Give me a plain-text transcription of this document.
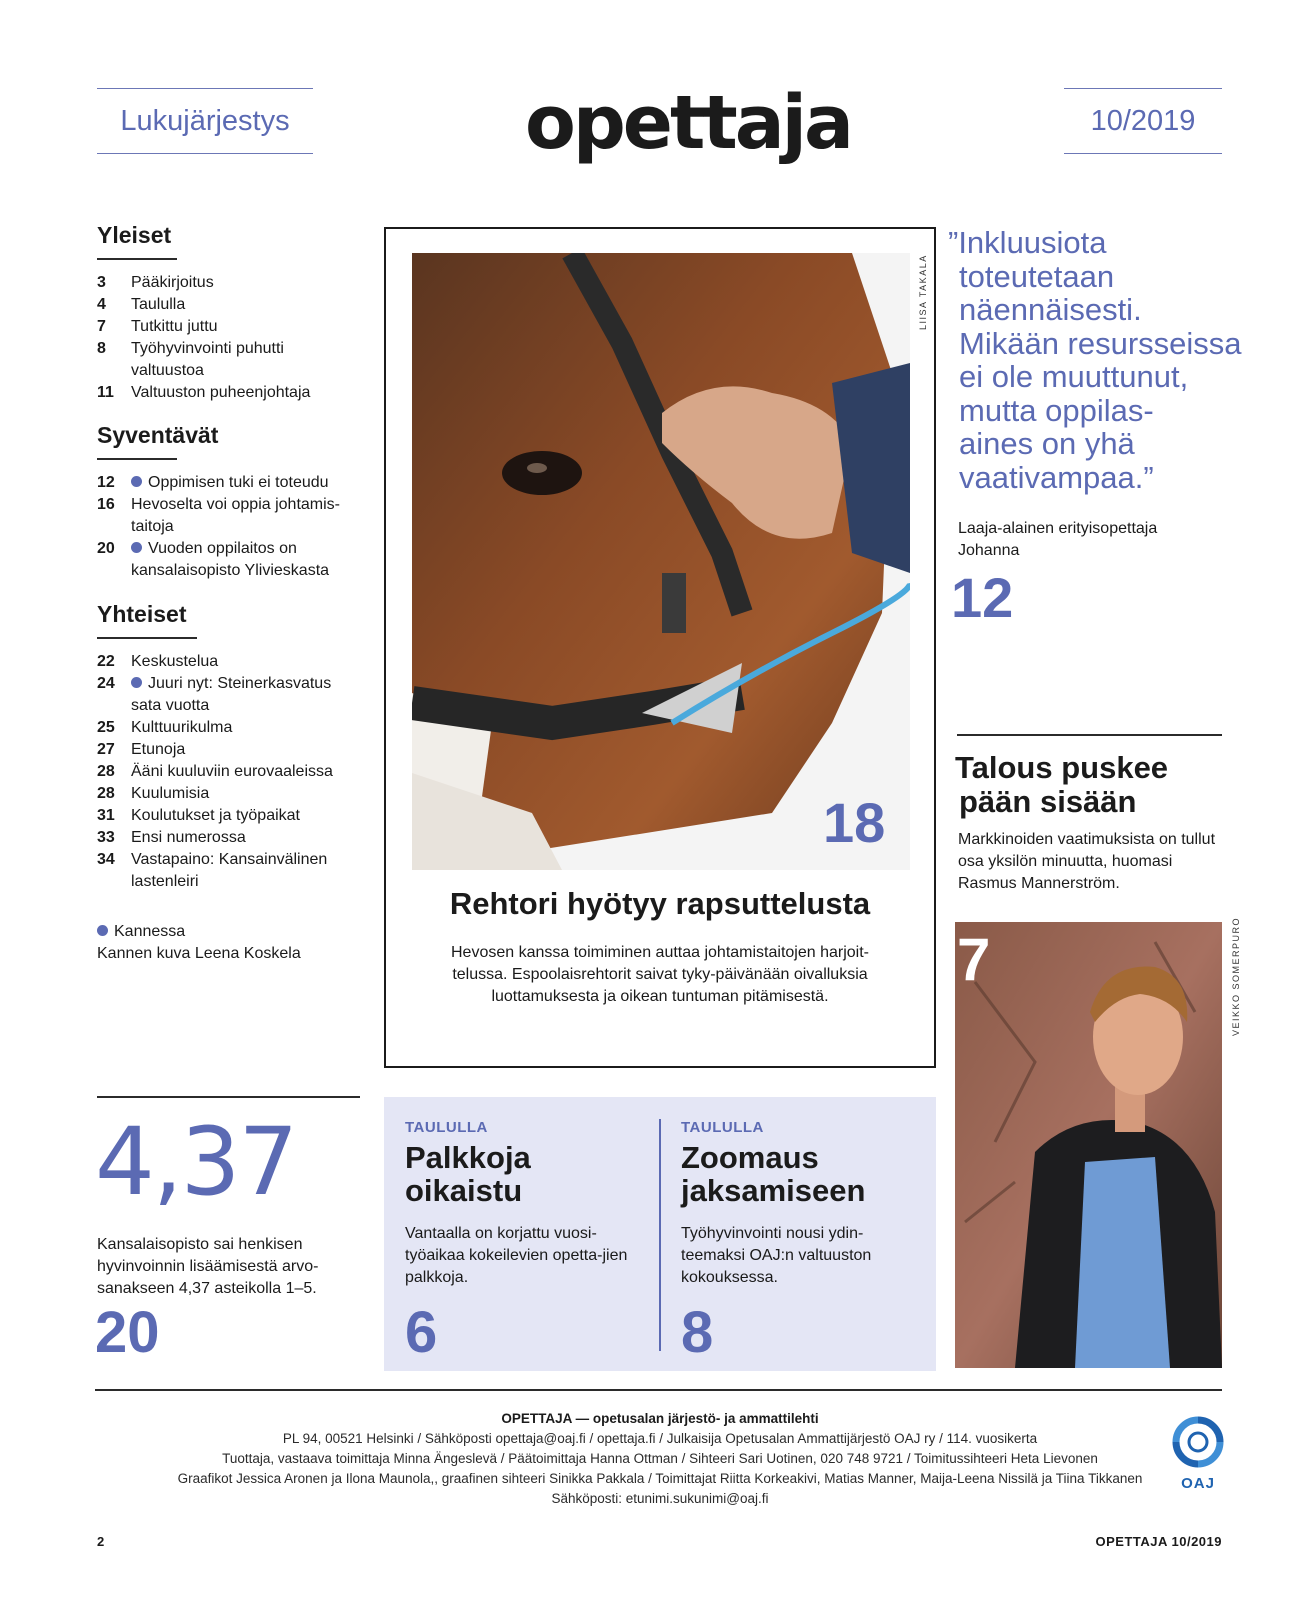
Lukujärjestys	opettaja	10/2019
Yleiset
3	Pääkirjoitus
4	Taululla
7	Tutkittu juttu
8	Työhyvinvointi puhutti valtuustoa
11	Valtuuston puheenjohtaja
Syventävät
12	Oppimisen tuki ei toteudu
16	Hevoselta voi oppia johtamis-taitoja
20	Vuoden oppilaitos on kansalaisopisto Ylivieskasta
Yhteiset
22	Keskustelua
24	Juuri nyt: Steinerkasvatus sata vuotta
25	Kulttuurikulma
27	Etunoja
28	Ääni kuuluviin eurovaaleissa
28	Kuulumisia
31	Koulutukset ja työpaikat
33	Ensi numerossa
34	Vastapaino: Kansainvälinen lastenleiri
Kannessa
Kannen kuva Leena Koskela
LIISA TAKALA
18
Rehtori hyötyy rapsuttelusta
Hevosen kanssa toimiminen auttaa johtamistaitojen harjoit-telussa. Espoolaisrehtorit saivat tyky-päivänään oivalluksia luottamuksesta ja oikean tuntuman pitämisestä.

”Inkluusiota

toteutetaan

näennäisesti.

Mikään resursseissa

ei ole muuttunut,

mutta oppilas-

aines on yhä

vaativampaa.”

Laaja-alainen erityisopettaja Johanna
12
Talous puskee
pään sisään
Markkinoiden vaatimuksista on tullut osa yksilön minuutta, huomasi Rasmus Mannerström.
7	VEIKKO SOMERPURO
4,37
Kansalaisopisto sai henkisen hyvinvoinnin lisäämisestä arvo-sanakseen 4,37 asteikolla 1–5.
20
TAULULLA
Palkkoja
oikaistu
Vantaalla on korjattu vuosi-työaikaa kokeilevien opetta-jien palkkoja.
6
TAULULLA
Zoomaus
jaksamiseen
Työhyvinvointi nousi ydin-teemaksi OAJ:n valtuuston kokouksessa.
8
OPETTAJA — opetusalan järjestö- ja ammattilehti
PL 94, 00521 Helsinki / Sähköposti opettaja@oaj.fi / opettaja.fi / Julkaisija Opetusalan Ammattijärjestö OAJ ry / 114. vuosikerta
Tuottaja, vastaava toimittaja Minna Ängeslevä / Päätoimittaja Hanna Ottman / Sihteeri Sari Uotinen, 020 748 9721 / Toimitussihteeri Heta Lievonen
Graafikot Jessica Aronen ja Ilona Maunola,, graafinen sihteeri Sinikka Pakkala / Toimittajat Riitta Korkeakivi, Matias Manner, Maija-Leena Nissilä ja Tiina Tikkanen
Sähköposti: etunimi.sukunimi@oaj.fi
OAJ
2	OPETTAJA 10/2019
